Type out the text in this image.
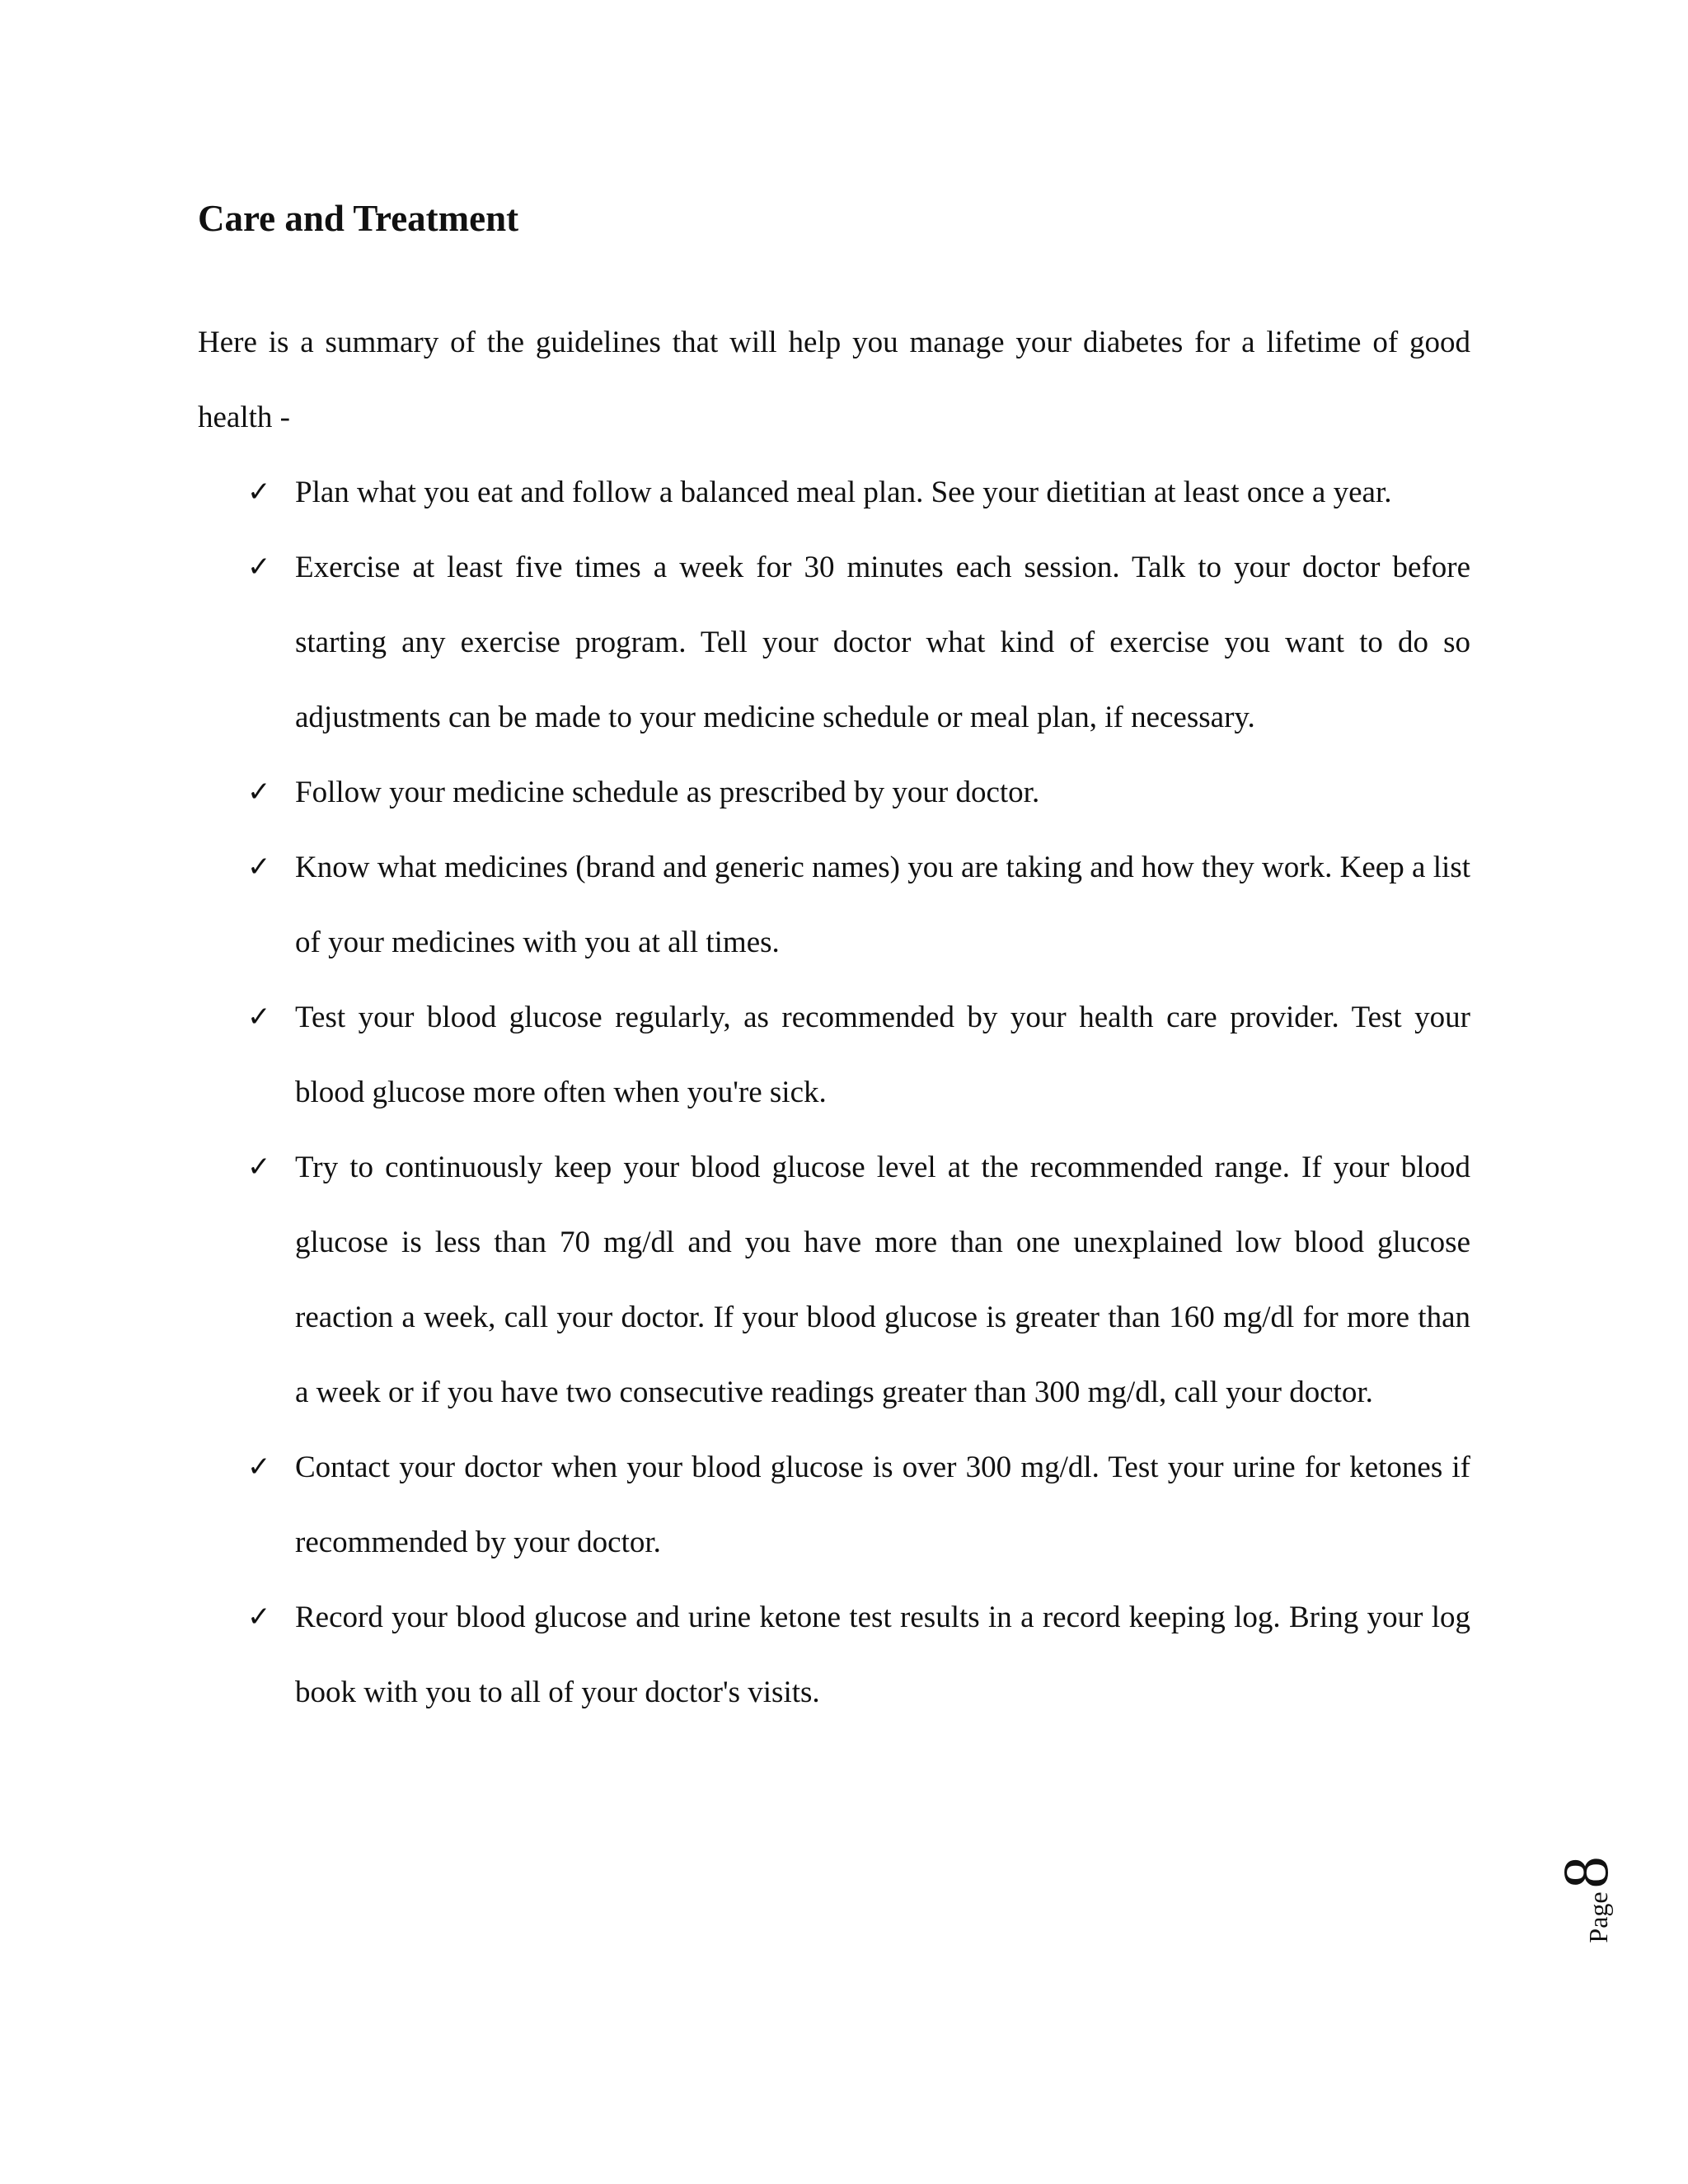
Care and Treatment

Here is a summary of the guidelines that will help you manage your diabetes for a lifetime of good health -

✓ Plan what you eat and follow a balanced meal plan. See your dietitian at least once a year.
✓ Exercise at least five times a week for 30 minutes each session. Talk to your doctor before starting any exercise program. Tell your doctor what kind of exercise you want to do so adjustments can be made to your medicine schedule or meal plan, if necessary.
✓ Follow your medicine schedule as prescribed by your doctor.
✓ Know what medicines (brand and generic names) you are taking and how they work. Keep a list of your medicines with you at all times.
✓ Test your blood glucose regularly, as recommended by your health care provider. Test your blood glucose more often when you're sick.
✓ Try to continuously keep your blood glucose level at the recommended range. If your blood glucose is less than 70 mg/dl and you have more than one unexplained low blood glucose reaction a week, call your doctor. If your blood glucose is greater than 160 mg/dl for more than a week or if you have two consecutive readings greater than 300 mg/dl, call your doctor.
✓ Contact your doctor when your blood glucose is over 300 mg/dl. Test your urine for ketones if recommended by your doctor.
✓ Record your blood glucose and urine ketone test results in a record keeping log. Bring your log book with you to all of your doctor's visits.
Page
8
